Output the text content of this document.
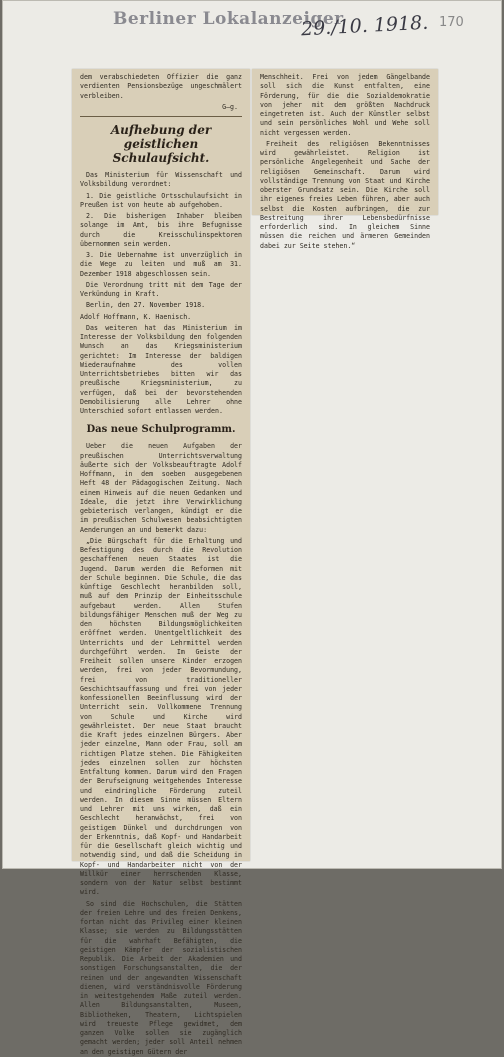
Berliner Lokalanzeiger
29./10. 1918. 170

dem verabschiedeten Offizier die ganz verdienten Pensionsbezüge ungeschmälert verbleiben.

G—g.

Aufhebung der geistlichen Schulaufsicht.

Das Ministerium für Wissenschaft und Volksbildung verordnet:

1. Die geistliche Ortsschulaufsicht in Preußen ist von heute ab aufgehoben.

2. Die bisherigen Inhaber bleiben solange im Amt, bis ihre Befugnisse durch die Kreisschulinspektoren übernommen sein werden.

3. Die Uebernahme ist unverzüglich in die Wege zu leiten und muß am 31. Dezember 1918 abgeschlossen sein.

Die Verordnung tritt mit dem Tage der Verkündung in Kraft.

Berlin, den 27. November 1918.

Adolf Hoffmann, K. Haenisch.

Das weiteren hat das Ministerium im Interesse der Volksbildung den folgenden Wunsch an das Kriegsministerium gerichtet: Im Interesse der baldigen Wiederaufnahme des vollen Unterrichtsbetriebes bitten wir das preußische Kriegsministerium, zu verfügen, daß bei der bevorstehenden Demobilisierung alle Lehrer ohne Unterschied sofort entlassen werden.

Das neue Schulprogramm.

Ueber die neuen Aufgaben der preußischen Unterrichtsverwaltung äußerte sich der Volksbeauftragte Adolf Hoffmann, in dem soeben ausgegebenen Heft 48 der Pädagogischen Zeitung. Nach einem Hinweis auf die neuen Gedanken und Ideale, die jetzt ihre Verwirklichung gebieterisch verlangen, kündigt er die im preußischen Schulwesen beabsichtigten Aenderungen an und bemerkt dazu:

„Die Bürgschaft für die Erhaltung und Befestigung des durch die Revolution geschaffenen neuen Staates ist die Jugend. Darum werden die Reformen mit der Schule beginnen. Die Schule, die das künftige Geschlecht heranbilden soll, muß auf dem Prinzip der Einheitsschule aufgebaut werden. Allen Stufen bildungsfähiger Menschen muß der Weg zu den höchsten Bildungsmöglichkeiten eröffnet werden. Unentgeltlichkeit des Unterrichts und der Lehrmittel werden durchgeführt werden. Im Geiste der Freiheit sollen unsere Kinder erzogen werden, frei von jeder Bevormundung, frei von traditioneller Geschichtsauffassung und frei von jeder konfessionellen Beeinflussung wird der Unterricht sein. Vollkommene Trennung von Schule und Kirche wird gewährleistet. Der neue Staat braucht die Kraft jedes einzelnen Bürgers. Aber jeder einzelne, Mann oder Frau, soll am richtigen Platze stehen. Die Fähigkeiten jedes einzelnen sollen zur höchsten Entfaltung kommen. Darum wird den Fragen der Berufseignung weitgehendes Interesse und eindringliche Förderung zuteil werden. In diesem Sinne müssen Eltern und Lehrer mit uns wirken, daß ein Geschlecht heranwächst, frei von geistigem Dünkel und durchdrungen von der Erkenntnis, daß Kopf- und Handarbeit für die Gesellschaft gleich wichtig und notwendig sind, und daß die Scheidung in Kopf- und Handarbeiter nicht von der Willkür einer herrschenden Klasse, sondern von der Natur selbst bestimmt wird.

So sind die Hochschulen, die Stätten der freien Lehre und des freien Denkens, fortan nicht das Privileg einer kleinen Klasse; sie werden zu Bildungsstätten für die wahrhaft Befähigten, die geistigen Kämpfer der sozialistischen Republik. Die Arbeit der Akademien und sonstigen Forschungsanstalten, die der reinen und der angewandten Wissenschaft dienen, wird verständnisvolle Förderung in weitestgehendem Maße zuteil werden. Allen Bildungsanstalten, Museen, Bibliotheken, Theatern, Lichtspielen wird treueste Pflege gewidmet, dem ganzen Volke sollen sie zugänglich gemacht werden; jeder soll Anteil nehmen an den geistigen Gütern der

Menschheit. Frei von jedem Gängelbande soll sich die Kunst entfalten, eine Förderung, für die die Sozialdemokratie von jeher mit dem größten Nachdruck eingetreten ist. Auch der Künstler selbst und sein persönliches Wohl und Wehe soll nicht vergessen werden.

Freiheit des religiösen Bekenntnisses wird gewährleistet. Religion ist persönliche Angelegenheit und Sache der religiösen Gemeinschaft. Darum wird vollständige Trennung von Staat und Kirche oberster Grundsatz sein. Die Kirche soll ihr eigenes freies Leben führen, aber auch selbst die Kosten aufbringen, die zur Bestreitung ihrer Lebensbedürfnisse erforderlich sind. In gleichem Sinne müssen die reichen und ärmeren Gemeinden dabei zur Seite stehen.“
